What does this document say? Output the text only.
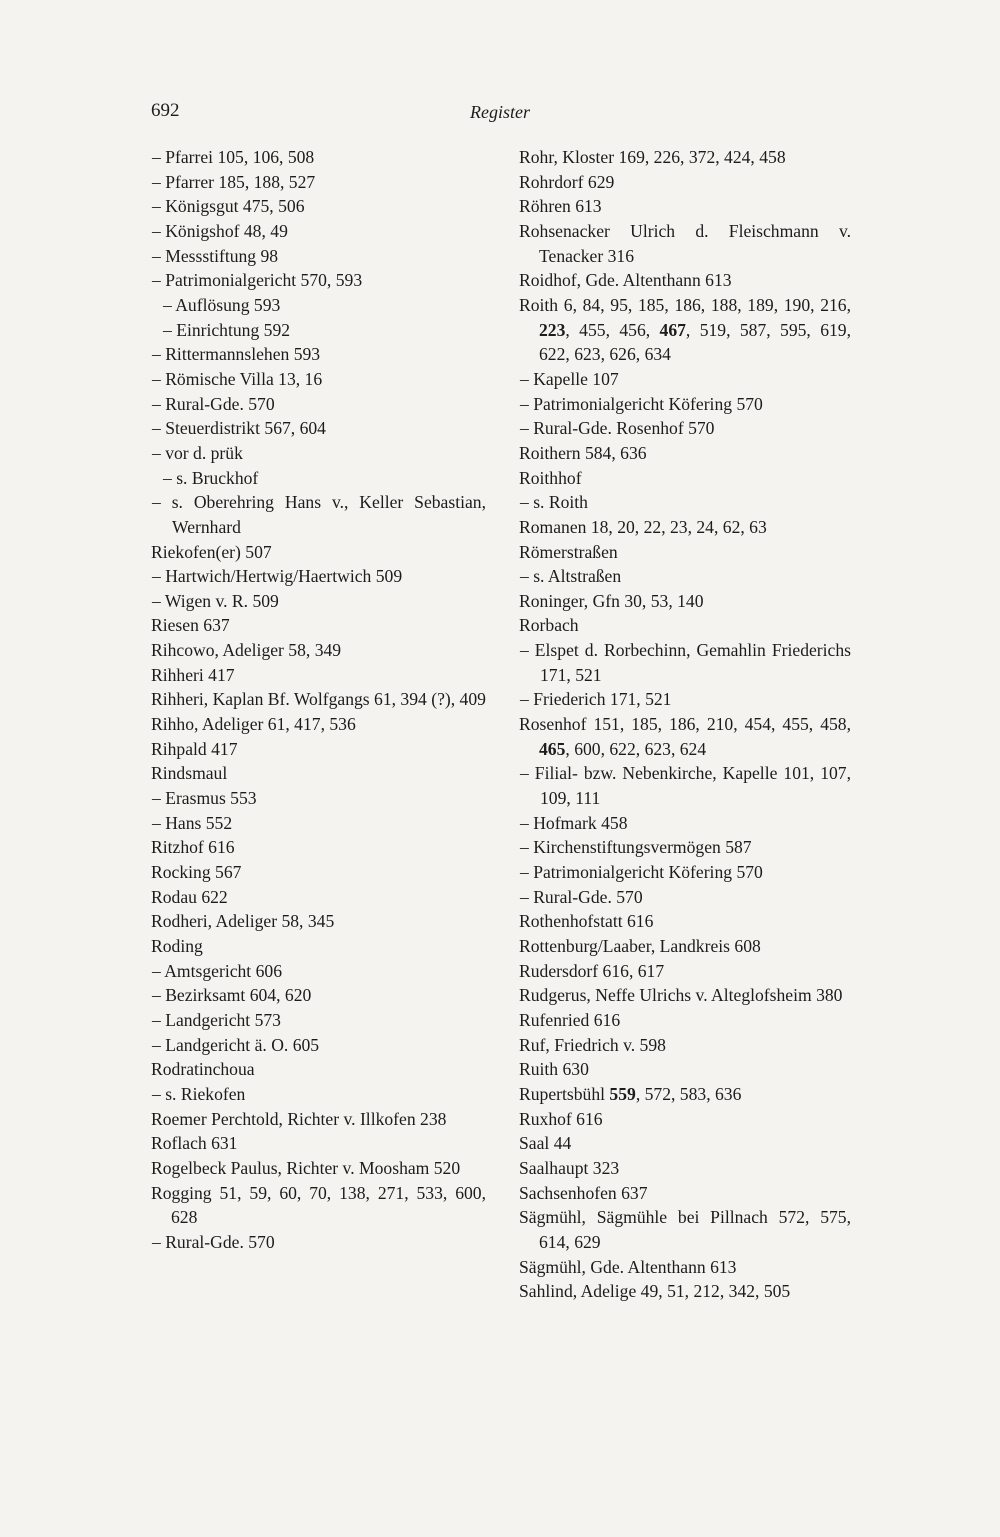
692	Register
– Pfarrei 105, 106, 508
– Pfarrer 185, 188, 527
– Königsgut 475, 506
– Königshof 48, 49
– Messstiftung 98
– Patrimonialgericht 570, 593
– Auflösung 593
– Einrichtung 592
– Rittermannslehen 593
– Römische Villa 13, 16
– Rural-Gde. 570
– Steuerdistrikt 567, 604
– vor d. prük
– s. Bruckhof
– s. Oberehring Hans v., Keller Sebastian, Wernhard
Riekofen(er) 507
– Hartwich/Hertwig/Haertwich 509
– Wigen v. R. 509
Riesen 637
Rihcowo, Adeliger 58, 349
Rihheri 417
Rihheri, Kaplan Bf. Wolfgangs 61, 394 (?), 409
Rihho, Adeliger 61, 417, 536
Rihpald 417
Rindsmaul
– Erasmus 553
– Hans 552
Ritzhof 616
Rocking 567
Rodau 622
Rodheri, Adeliger 58, 345
Roding
– Amtsgericht 606
– Bezirksamt 604, 620
– Landgericht 573
– Landgericht ä. O. 605
Rodratinchoua
– s. Riekofen
Roemer Perchtold, Richter v. Illkofen 238
Roflach 631
Rogelbeck Paulus, Richter v. Moosham 520
Rogging 51, 59, 60, 70, 138, 271, 533, 600, 628
– Rural-Gde. 570
Rohr, Kloster 169, 226, 372, 424, 458
Rohrdorf 629
Röhren 613
Rohsenacker Ulrich d. Fleischmann v. Tenacker 316
Roidhof, Gde. Altenthann 613
Roith 6, 84, 95, 185, 186, 188, 189, 190, 216, 223, 455, 456, 467, 519, 587, 595, 619, 622, 623, 626, 634
– Kapelle 107
– Patrimonialgericht Köfering 570
– Rural-Gde. Rosenhof 570
Roithern 584, 636
Roithhof
– s. Roith
Romanen 18, 20, 22, 23, 24, 62, 63
Römerstraßen
– s. Altstraßen
Roninger, Gfn 30, 53, 140
Rorbach
– Elspet d. Rorbechinn, Gemahlin Friederichs 171, 521
– Friederich 171, 521
Rosenhof 151, 185, 186, 210, 454, 455, 458, 465, 600, 622, 623, 624
– Filial- bzw. Nebenkirche, Kapelle 101, 107, 109, 111
– Hofmark 458
– Kirchenstiftungsvermögen 587
– Patrimonialgericht Köfering 570
– Rural-Gde. 570
Rothenhofstatt 616
Rottenburg/Laaber, Landkreis 608
Rudersdorf 616, 617
Rudgerus, Neffe Ulrichs v. Alteglofsheim 380
Rufenried 616
Ruf, Friedrich v. 598
Ruith 630
Rupertsbühl 559, 572, 583, 636
Ruxhof 616
Saal 44
Saalhaupt 323
Sachsenhofen 637
Sägmühl, Sägmühle bei Pillnach 572, 575, 614, 629
Sägmühl, Gde. Altenthann 613
Sahlind, Adelige 49, 51, 212, 342, 505
